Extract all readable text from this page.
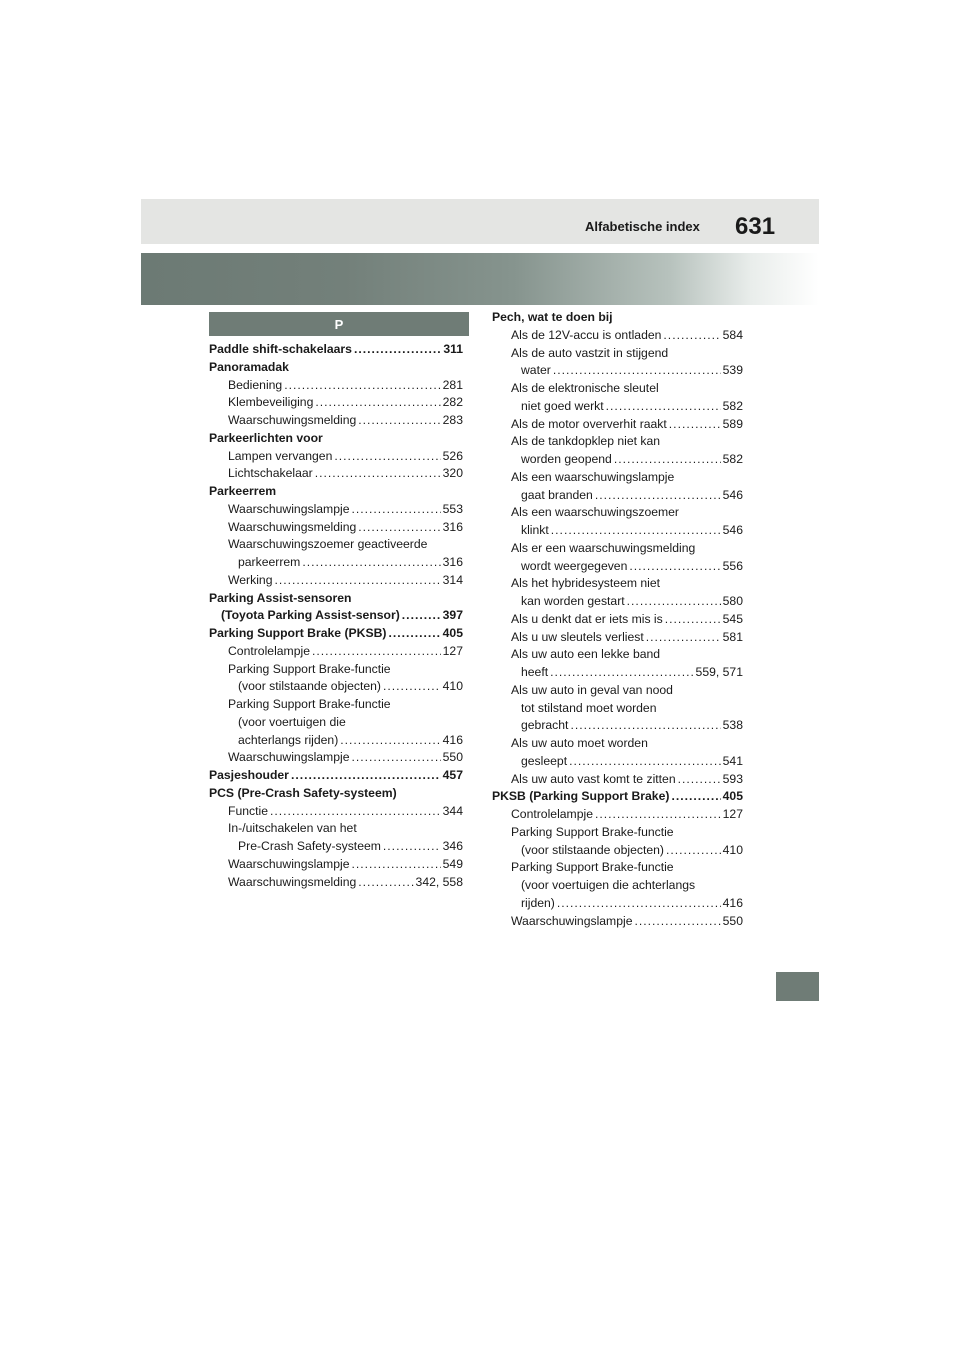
Alfabetische index 631
P
Paddle shift-schakelaars .....	311
Panoramadak
Bediening .....	281
Klembeveiliging .....	282
Waarschuwingsmelding .....	283
Parkeerlichten voor
Lampen vervangen .....	526
Lichtschakelaar .....	320
Parkeerrem
Waarschuwingslampje .....	553
Waarschuwingsmelding .....	316
Waarschuwingszoemer geactiveerde
parkeerrem .....	316
Werking .....	314
Parking Assist-sensoren
(Toyota Parking Assist-sensor) .....	397
Parking Support Brake (PKSB) .....	405
Controlelampje .....	127
Parking Support Brake-functie
(voor stilstaande objecten) .....	410
Parking Support Brake-functie
(voor voertuigen die
achterlangs rijden) .....	416
Waarschuwingslampje .....	550
Pasjeshouder .....	457
PCS (Pre-Crash Safety-systeem)
Functie .....	344
In-/uitschakelen van het
Pre-Crash Safety-systeem .....	346
Waarschuwingslampje .....	549
Waarschuwingsmelding .....	342, 558
Pech, wat te doen bij
Als de 12V-accu is ontladen .....	584
Als de auto vastzit in stijgend
water .....	539
Als de elektronische sleutel
niet goed werkt .....	582
Als de motor oververhit raakt .....	589
Als de tankdopklep niet kan
worden geopend .....	582
Als een waarschuwingslampje
gaat branden .....	546
Als een waarschuwingszoemer
klinkt .....	546
Als er een waarschuwingsmelding
wordt weergegeven .....	556
Als het hybridesysteem niet
kan worden gestart .....	580
Als u denkt dat er iets mis is .....	545
Als u uw sleutels verliest .....	581
Als uw auto een lekke band
heeft .....	559, 571
Als uw auto in geval van nood
tot stilstand moet worden
gebracht .....	538
Als uw auto moet worden
gesleept .....	541
Als uw auto vast komt te zitten .....	593
PKSB (Parking Support Brake) .....	405
Controlelampje .....	127
Parking Support Brake-functie
(voor stilstaande objecten) .....	410
Parking Support Brake-functie
(voor voertuigen die achterlangs
rijden) .....	416
Waarschuwingslampje .....	550
